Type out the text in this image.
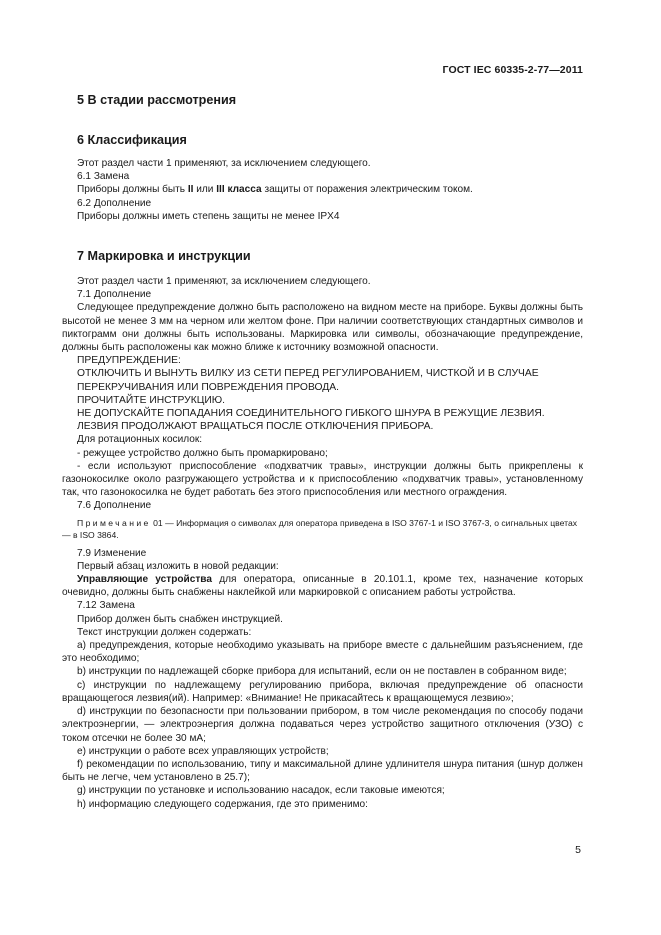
ГОСТ IEC 60335-2-77—2011
5 В стадии рассмотрения
6 Классификация

Этот раздел части 1 применяют, за исключением следующего.

6.1 Замена

Приборы должны быть II или III класса защиты от поражения электрическим током.

6.2 Дополнение

Приборы должны иметь степень защиты не менее IPX4

7 Маркировка и инструкции

Этот раздел части 1 применяют, за исключением следующего.

7.1 Дополнение

Следующее предупреждение должно быть расположено на видном месте на приборе. Буквы должны быть высотой не менее 3 мм на черном или желтом фоне. При наличии соответствующих стандартных символов и пиктограмм они должны быть использованы. Маркировка или символы, обозначающие предупреждение, должны быть расположены как можно ближе к источнику возможной опасности.

ПРЕДУПРЕЖДЕНИЕ:

ОТКЛЮЧИТЬ И ВЫНУТЬ ВИЛКУ ИЗ СЕТИ ПЕРЕД РЕГУЛИРОВАНИЕМ, ЧИСТКОЙ И В СЛУЧАЕ ПЕРЕКРУЧИВАНИЯ ИЛИ ПОВРЕЖДЕНИЯ ПРОВОДА.

ПРОЧИТАЙТЕ ИНСТРУКЦИЮ.

НЕ ДОПУСКАЙТЕ ПОПАДАНИЯ СОЕДИНИТЕЛЬНОГО ГИБКОГО ШНУРА В РЕЖУЩИЕ ЛЕЗВИЯ.

ЛЕЗВИЯ ПРОДОЛЖАЮТ ВРАЩАТЬСЯ ПОСЛЕ ОТКЛЮЧЕНИЯ ПРИБОРА.

Для ротационных косилок:

- режущее устройство должно быть промаркировано;

- если используют приспособление «подхватчик травы», инструкции должны быть прикреплены к газонокосилке около разгружающего устройства и к приспособлению «подхватчик травы», установленному так, что газонокосилка не будет работать без этого приспособления или местного ограждения.

7.6 Дополнение

Примечание 01 — Информация о символах для оператора приведена в ISO 3767-1 и ISO 3767-3, о сигнальных цветах — в ISO 3864.

7.9 Изменение

Первый абзац изложить в новой редакции:

Управляющие устройства для оператора, описанные в 20.101.1, кроме тех, назначение которых очевидно, должны быть снабжены наклейкой или маркировкой с описанием работы устройства.

7.12 Замена

Прибор должен быть снабжен инструкцией.

Текст инструкции должен содержать:

a) предупреждения, которые необходимо указывать на приборе вместе с дальнейшим разъяснением, где это необходимо;

b) инструкции по надлежащей сборке прибора для испытаний, если он не поставлен в собранном виде;

c) инструкции по надлежащему регулированию прибора, включая предупреждение об опасности вращающегося лезвия(ий). Например: «Внимание! Не прикасайтесь к вращающемуся лезвию»;

d) инструкции по безопасности при пользовании прибором, в том числе рекомендация по способу подачи электроэнергии, — электроэнергия должна подаваться через устройство защитного отключения (УЗО) с током отсечки не более 30 мА;

e) инструкции о работе всех управляющих устройств;

f) рекомендации по использованию, типу и максимальной длине удлинителя шнура питания (шнур должен быть не легче, чем установлено в 25.7);

g) инструкции по установке и использованию насадок, если таковые имеются;

h) информацию следующего содержания, где это применимо:

5
